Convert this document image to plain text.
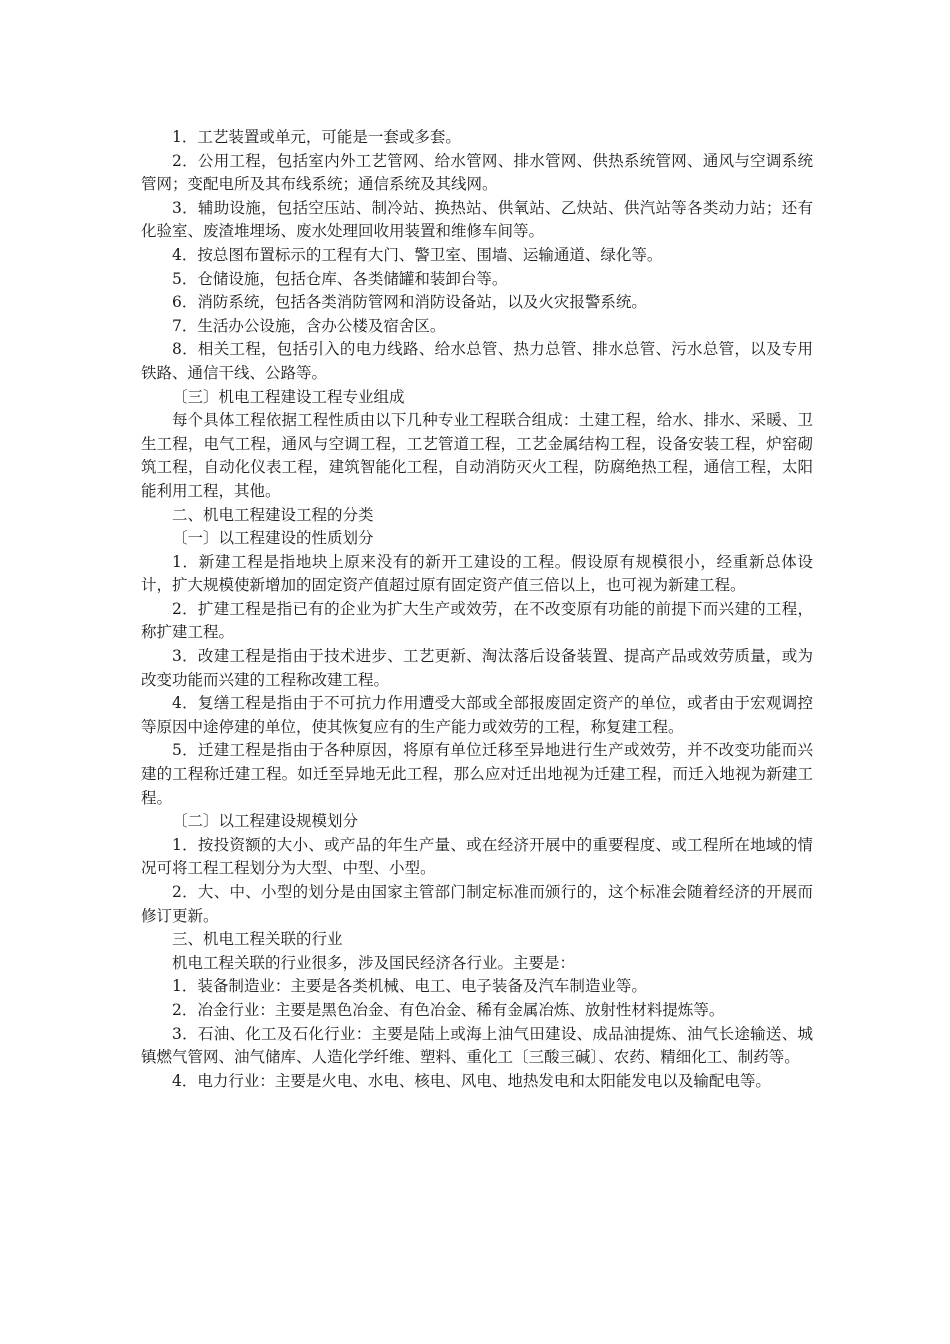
1．工艺装置或单元，可能是一套或多套。

2．公用工程，包括室内外工艺管网、给水管网、排水管网、供热系统管网、通风与空调系统管网；变配电所及其布线系统；通信系统及其线网。

3．辅助设施，包括空压站、制冷站、换热站、供氧站、乙炔站、供汽站等各类动力站；还有化验室、废渣堆埋场、废水处理回收用装置和维修车间等。

4．按总图布置标示的工程有大门、警卫室、围墙、运输通道、绿化等。

5．仓储设施，包括仓库、各类储罐和装卸台等。

6．消防系统，包括各类消防管网和消防设备站，以及火灾报警系统。

7．生活办公设施，含办公楼及宿舍区。

8．相关工程，包括引入的电力线路、给水总管、热力总管、排水总管、污水总管，以及专用铁路、通信干线、公路等。

〔三〕机电工程建设工程专业组成

每个具体工程依据工程性质由以下几种专业工程联合组成：土建工程，给水、排水、采暖、卫生工程，电气工程，通风与空调工程，工艺管道工程，工艺金属结构工程，设备安装工程，炉窑砌筑工程，自动化仪表工程，建筑智能化工程，自动消防灭火工程，防腐绝热工程，通信工程，太阳能利用工程，其他。

二、机电工程建设工程的分类

〔一〕以工程建设的性质划分

1．新建工程是指地块上原来没有的新开工建设的工程。假设原有规模很小，经重新总体设计，扩大规模使新增加的固定资产值超过原有固定资产值三倍以上，也可视为新建工程。

2．扩建工程是指已有的企业为扩大生产或效劳，在不改变原有功能的前提下而兴建的工程，称扩建工程。

3．改建工程是指由于技术进步、工艺更新、淘汰落后设备装置、提高产品或效劳质量，或为改变功能而兴建的工程称改建工程。

4．复缮工程是指由于不可抗力作用遭受大部或全部报废固定资产的单位，或者由于宏观调控等原因中途停建的单位，使其恢复应有的生产能力或效劳的工程，称复建工程。

5．迁建工程是指由于各种原因，将原有单位迁移至异地进行生产或效劳，并不改变功能而兴建的工程称迁建工程。如迁至异地无此工程，那么应对迁出地视为迁建工程，而迁入地视为新建工程。

〔二〕以工程建设规模划分

1．按投资额的大小、或产品的年生产量、或在经济开展中的重要程度、或工程所在地域的情况可将工程工程划分为大型、中型、小型。

2．大、中、小型的划分是由国家主管部门制定标准而颁行的，这个标准会随着经济的开展而修订更新。

三、机电工程关联的行业

机电工程关联的行业很多，涉及国民经济各行业。主要是：

1．装备制造业：主要是各类机械、电工、电子装备及汽车制造业等。

2．冶金行业：主要是黑色冶金、有色冶金、稀有金属冶炼、放射性材料提炼等。

3．石油、化工及石化行业：主要是陆上或海上油气田建设、成品油提炼、油气长途输送、城镇燃气管网、油气储库、人造化学纤维、塑料、重化工〔三酸三碱〕、农药、精细化工、制药等。

4．电力行业：主要是火电、水电、核电、风电、地热发电和太阳能发电以及输配电等。
